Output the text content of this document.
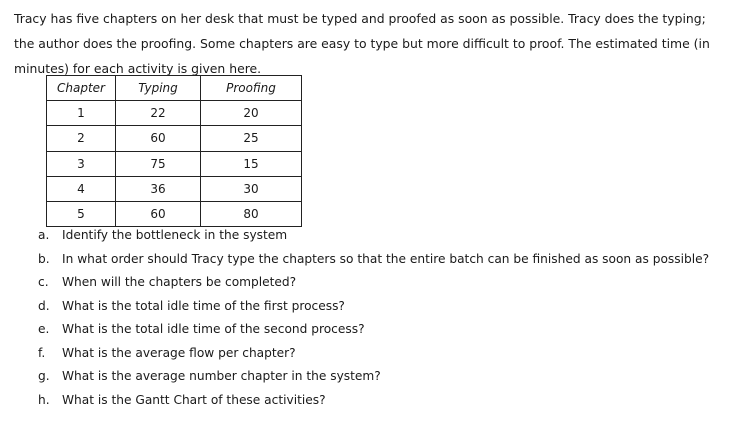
Tracy has five chapters on her desk that must be typed and proofed as soon as possible. Tracy does the typing;
the author does the proofing. Some chapters are easy to type but more difficult to proof. The estimated time (in
minutes) for each activity is given here.
Chapter	Typing	Proofing
1	22	20
2	60	25
3	75	15
4	36	30
5	60	80
a.	Identify the bottleneck in the system
b.	In what order should Tracy type the chapters so that the entire batch can be finished as soon as possible?
c.	When will the chapters be completed?
d.	What is the total idle time of the first process?
e.	What is the total idle time of the second process?
f.	What is the average flow per chapter?
g.	What is the average number chapter in the system?
h.	What is the Gantt Chart of these activities?
